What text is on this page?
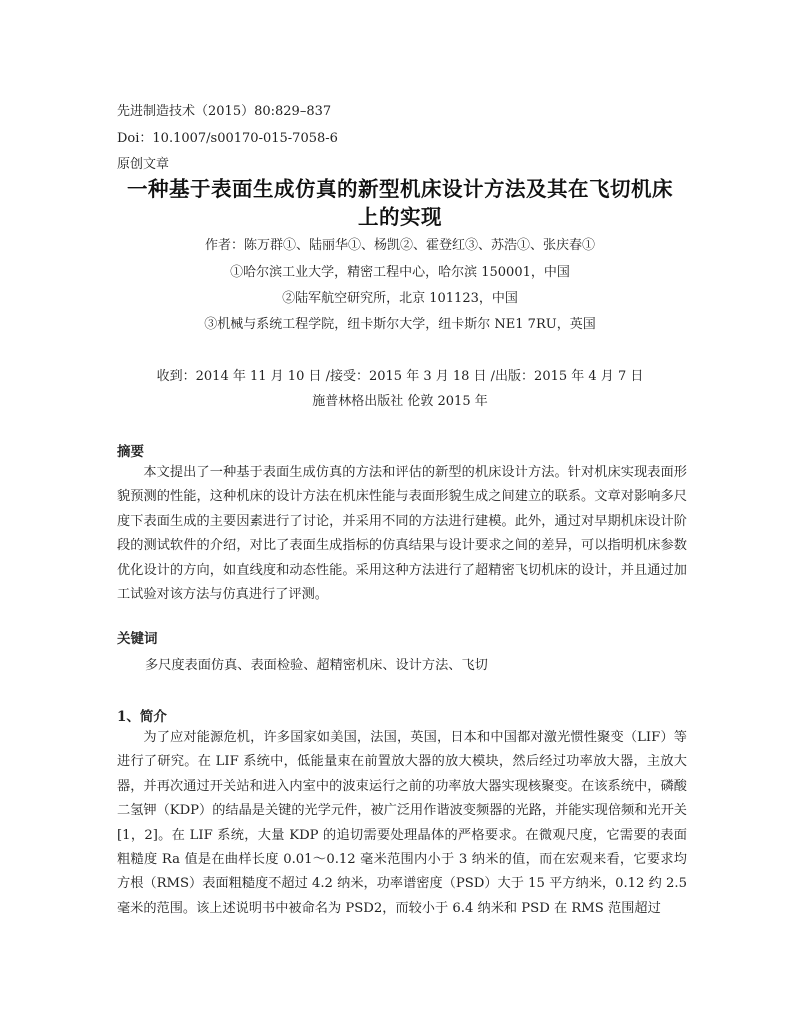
先进制造技术（2015）80:829–837
Doi：10.1007/s00170-015-7058-6
原创文章
一种基于表面生成仿真的新型机床设计方法及其在飞切机床
上的实现
作者：陈万群①、陆丽华①、杨凯②、霍登红③、苏浩①、张庆春①
①哈尔滨工业大学，精密工程中心，哈尔滨 150001，中国
②陆军航空研究所，北京 101123，中国
③机械与系统工程学院，纽卡斯尔大学，纽卡斯尔 NE1 7RU，英国
收到：2014 年 11 月 10 日 /接受：2015 年 3 月 18 日 /出版：2015 年 4 月 7 日
施普林格出版社 伦敦 2015 年
摘要

本文提出了一种基于表面生成仿真的方法和评估的新型的机床设计方法。针对机床实现表面形貌预测的性能，这种机床的设计方法在机床性能与表面形貌生成之间建立的联系。文章对影响多尺度下表面生成的主要因素进行了讨论，并采用不同的方法进行建模。此外，通过对早期机床设计阶段的测试软件的介绍，对比了表面生成指标的仿真结果与设计要求之间的差异，可以指明机床参数优化设计的方向，如直线度和动态性能。采用这种方法进行了超精密飞切机床的设计，并且通过加工试验对该方法与仿真进行了评测。

关键词
多尺度表面仿真、表面检验、超精密机床、设计方法、飞切
1、简介

为了应对能源危机，许多国家如美国，法国，英国，日本和中国都对激光惯性聚变（LIF）等进行了研究。在 LIF 系统中，低能量束在前置放大器的放大模块，然后经过功率放大器，主放大器，并再次通过开关站和进入内室中的波束运行之前的功率放大器实现核聚变。在该系统中，磷酸二氢钾（KDP）的结晶是关键的光学元件，被广泛用作谐波变频器的光路，并能实现倍频和光开关[1，2]。在 LIF 系统，大量 KDP 的追切需要处理晶体的严格要求。在微观尺度，它需要的表面粗糙度 Ra 值是在曲样长度 0.01～0.12 毫米范围内小于 3 纳米的值，而在宏观来看，它要求均方根（RMS）表面粗糙度不超过 4.2 纳米，功率谱密度（PSD）大于 15 平方纳米，0.12 约 2.5 毫米的范围。该上述说明书中被命名为 PSD2，而较小于 6.4 纳米和 PSD 在 RMS 范围超过
